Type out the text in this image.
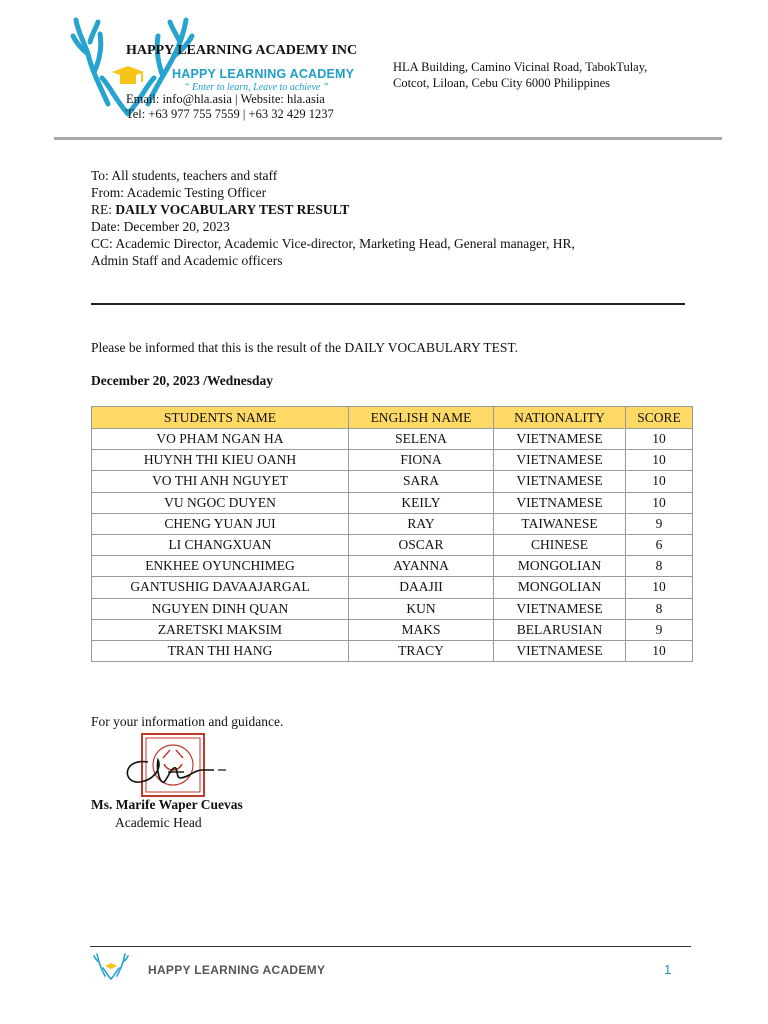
HAPPY LEARNING ACADEMY
“ Enter to learn, Leave to achieve ”
HAPPY LEARNING ACADEMY INC
Email: info@hla.asia | Website: hla.asia
Tel: +63 977 755 7559 | +63 32 429 1237
HLA Building, Camino Vicinal Road, TabokTulay,
Cotcot, Liloan, Cebu City 6000 Philippines
To: All students, teachers and staff
From: Academic Testing Officer
RE: DAILY VOCABULARY TEST RESULT
Date: December 20, 2023
CC: Academic Director, Academic Vice-director, Marketing Head, General manager, HR,
Admin Staff and Academic officers
Please be informed that this is the result of the DAILY VOCABULARY TEST.
December 20, 2023 /Wednesday
STUDENTS NAME	ENGLISH NAME	NATIONALITY	SCORE
VO PHAM NGAN HA	SELENA	VIETNAMESE	10
HUYNH THI KIEU OANH	FIONA	VIETNAMESE	10
VO THI ANH NGUYET	SARA	VIETNAMESE	10
VU NGOC DUYEN	KEILY	VIETNAMESE	10
CHENG YUAN JUI	RAY	TAIWANESE	9
LI CHANGXUAN	OSCAR	CHINESE	6
ENKHEE OYUNCHIMEG	AYANNA	MONGOLIAN	8
GANTUSHIG DAVAAJARGAL	DAAJII	MONGOLIAN	10
NGUYEN DINH QUAN	KUN	VIETNAMESE	8
ZARETSKI MAKSIM	MAKS	BELARUSIAN	9
TRAN THI HANG	TRACY	VIETNAMESE	10
For your information and guidance.
Ms. Marife Waper Cuevas
Academic Head
HAPPY LEARNING ACADEMY	1
